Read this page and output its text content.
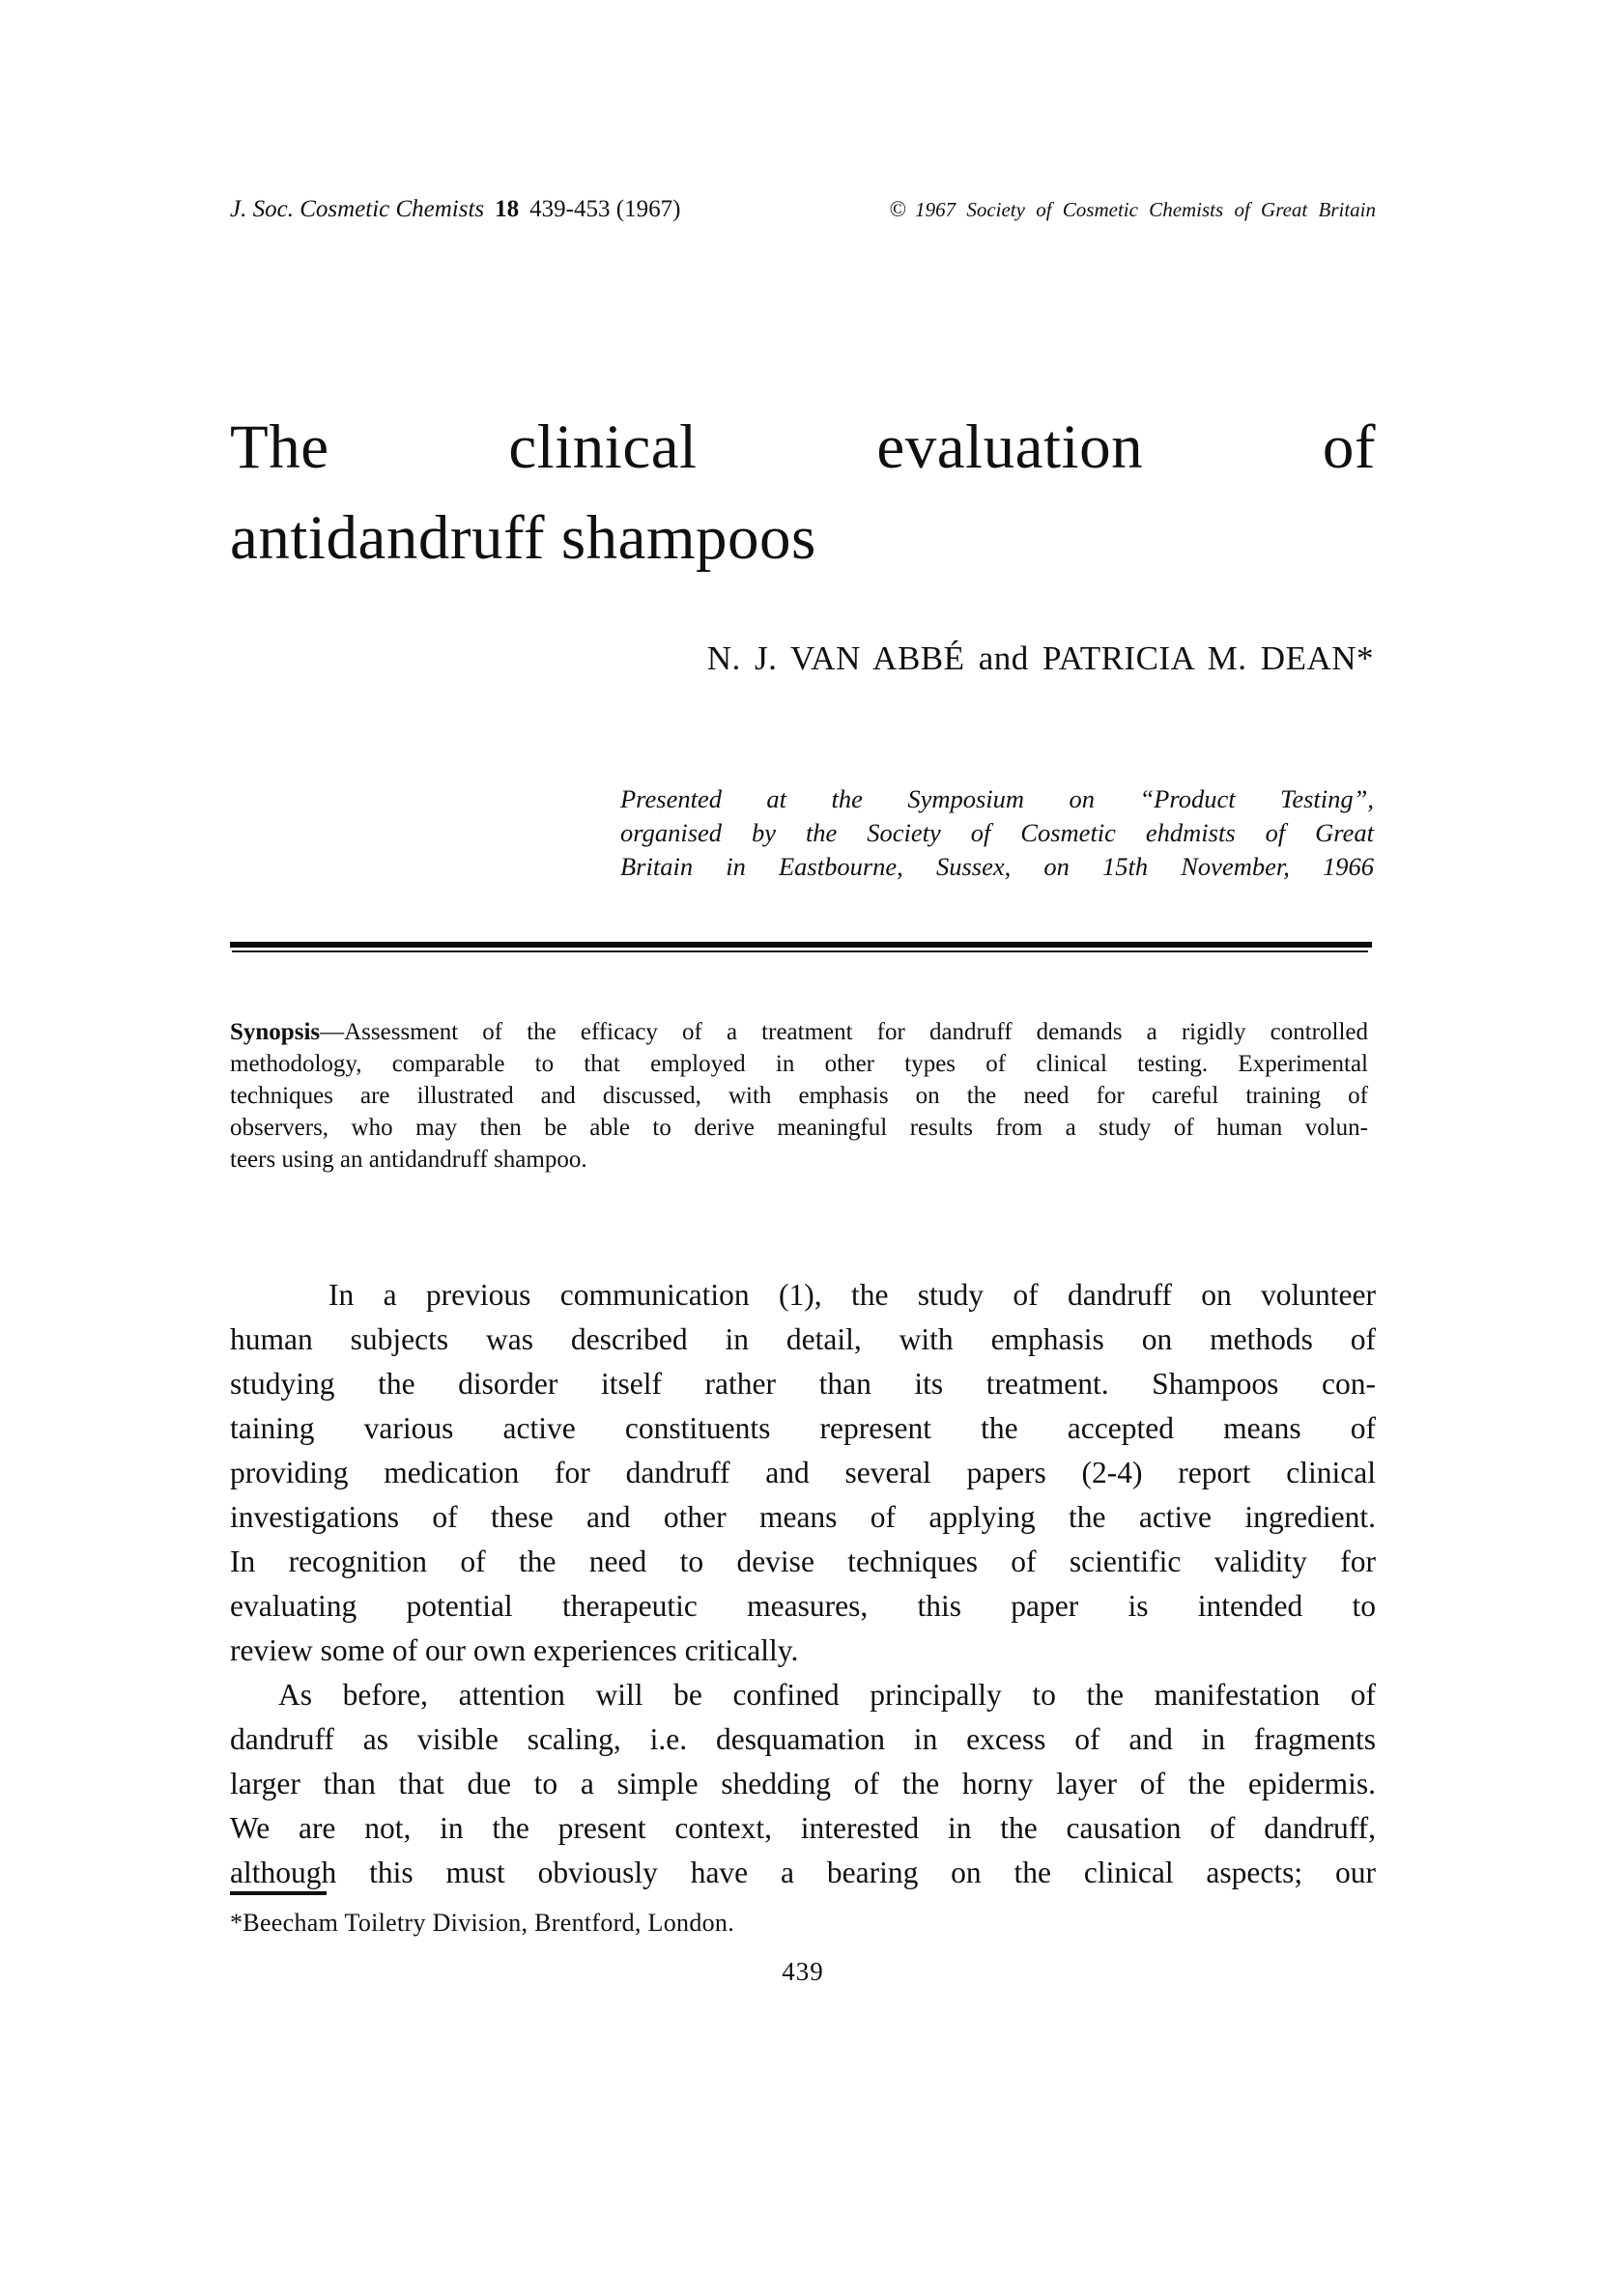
J. Soc. Cosmetic Chemists 18 439-453 (1967)	© 1967 Society of Cosmetic Chemists of Great Britain
The clinical evaluation of
antidandruff shampoos
N. J. VAN ABBÉ and PATRICIA M. DEAN*
Presented at the Symposium on “Product Testing”,
organised by the Society of Cosmetic ehdmists of Great
Britain in Eastbourne, Sussex, on 15th November, 1966
Synopsis—Assessment of the efficacy of a treatment for dandruff demands a rigidly controlled
methodology, comparable to that employed in other types of clinical testing. Experimental
techniques are illustrated and discussed, with emphasis on the need for careful training of
observers, who may then be able to derive meaningful results from a study of human volun-
teers using an antidandruff shampoo.
In a previous communication (1), the study of dandruff on volunteer
human subjects was described in detail, with emphasis on methods of
studying the disorder itself rather than its treatment. Shampoos con-
taining various active constituents represent the accepted means of
providing medication for dandruff and several papers (2-4) report clinical
investigations of these and other means of applying the active ingredient.
In recognition of the need to devise techniques of scientific validity for
evaluating potential therapeutic measures, this paper is intended to
review some of our own experiences critically.
As before, attention will be confined principally to the manifestation of
dandruff as visible scaling, i.e. desquamation in excess of and in fragments
larger than that due to a simple shedding of the horny layer of the epidermis.
We are not, in the present context, interested in the causation of dandruff,
although this must obviously have a bearing on the clinical aspects; our
*Beecham Toiletry Division, Brentford, London.
439
